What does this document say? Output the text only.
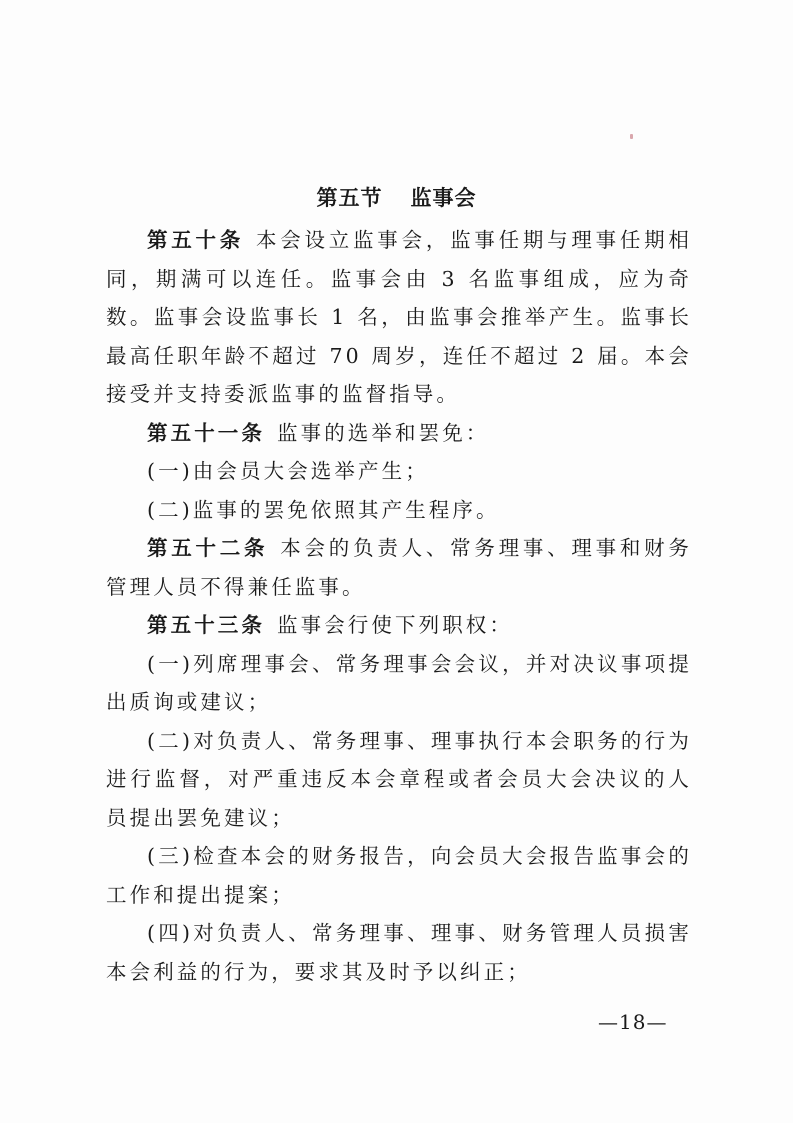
第五节 监事会

第五十条 本会设立监事会，监事任期与理事任期相同，期满可以连任。监事会由 3 名监事组成，应为奇数。监事会设监事长 1 名，由监事会推举产生。监事长最高任职年龄不超过 70 周岁，连任不超过 2 届。本会接受并支持委派监事的监督指导。

第五十一条 监事的选举和罢免：

(一)由会员大会选举产生；

(二)监事的罢免依照其产生程序。

第五十二条 本会的负责人、常务理事、理事和财务管理人员不得兼任监事。

第五十三条 监事会行使下列职权：

(一)列席理事会、常务理事会会议，并对决议事项提出质询或建议；

(二)对负责人、常务理事、理事执行本会职务的行为进行监督，对严重违反本会章程或者会员大会决议的人员提出罢免建议；

(三)检查本会的财务报告，向会员大会报告监事会的工作和提出提案；

(四)对负责人、常务理事、理事、财务管理人员损害本会利益的行为，要求其及时予以纠正；

—18—
